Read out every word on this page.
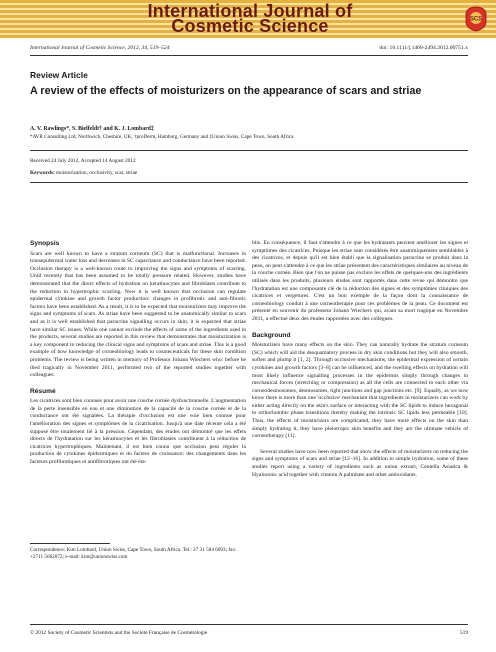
International Journal of
Cosmetic Science	SCS
International Journal of Cosmetic Science, 2012, 34, 519–524	doi: 10.1111/j.1468-2494.2012.00751.x
Review Article
A review of the effects of moisturizers on the appearance of scars and striae
A. V. Rawlings*, S. Bielfeldt† and K. J. Lombard‡
*AVR Consulting Ltd, Northwich, Cheshire, UK, †proDerm, Hamburg, Germany and ‡Union Swiss, Cape Town, South Africa
Received 24 July 2012, Accepted 14 August 2012
Keywords: moisturization, occlusivity, scar, striae
Synopsis

Scars are well known to have a stratum corneum (SC) that is malfunctional. Increases in transepidermal water loss and decreases in SC capacitance and conductance have been reported. Occlusion therapy is a well-known route to improving the signs and symptoms of scarring. Until recently that has been assumed to be totally pressure related. However, studies have demonstrated that the direct effects of hydration on keratinocytes and fibroblasts contribute to the reduction in hypertrophic scarring. Now it is well known that occlusion can regulate epidermal cytokine and growth factor production: changes in profibrotic and anti-fibrotic factors have been established. As a result, it is to be expected that moisturizers may improve the signs and symptoms of scars. As striae have been suggested to be anatomically similar to scars and as it is well established that paracrine signalling occurs in skin, it is expected that striae have similar SC issues. While one cannot exclude the effects of some of the ingredients used in the products, several studies are reported in this review that demonstrates that moisturization is a key component to reducing the clinical signs and symptoms of scars and striae. This is a good example of how knowledge of corneobiology leads to cosmeceuticals for these skin condition problems. The review is being written in memory of Professor Johann Wiechers who: before he died tragically in November 2011, performed two of the reported studies together with colleagues.

Résumé

Les cicatrices sont bien connues pour avoir une couche cornée dysfonctionnelle. L'augmentation de la perte insensible en eau et une diminution de la capacité de la couche cornée et de la conductance ont été signalées. La thérapie d'occlusion est une voie bien connue pour l'amélioration des signes et symptômes de la cicatrisation. Jusqu'à une date récente cela a été supposé être totalement lié à la pression. Cependant, des études ont démontré que les effets directs de l'hydratation sur les kératinocytes et les fibroblastes contribuent à la réduction de cicatrices hypertrophiques. Maintenant, il est bien connu que occlusion peut réguler la production de cytokines épidermiques et du facteur de croissance: des changements dans les facteurs profibrotiques et antifibrotiques ont été éta-

Correspondence: Kim Lombard, Union Swiss, Cape Town, South Africa. Tel.: 27 31 584 6093; fax: +2711 5662072; e-mail: kim@unionswiss.com

blis. En conséquence, il faut s'attendre à ce que les hydratants peuvent améliorer les signes et symptômes des cicatrices. Puisque les striae sont considérés être anatomiquement semblables à des cicatrices, et depuis qu'il est bien établi que la signalisation paracrine se produit dans la peau, on peut s'attendre à ce que les striae présentent des caractéristiques similaires au niveau de la couche cornée. Bien que l'on ne puisse pas exclure les effets de quelques-uns des ingrédients utilisés dans les produits, plusieurs études sont rapportés dans cette revue qui démontre que l'hydratation est une composante clé de la réduction des signes et des symptômes cliniques des cicatrices et vergetures. C'est un bon exemple de la façon dont la connaissance de corneobiology conduit à une corneotherapie pour ces problèmes de la peau. Ce document est présenté en souvenir du professeur Johann Wiechers qui, avant sa mort tragique en Novembre 2011, a effectué deux des études rapportées avec des collègues.

Background

Moisturizers have many effects on the skin. They can naturally hydrate the stratum corneum (SC) which will aid the desquamatory process in dry skin conditions but they will also smooth, soften and plump it [1, 2]. Through occlusive mechanisms, the epidermal expression of certain cytokines and growth factors [3–8] can be influenced, and the swelling effects on hydration will most likely influence signalling processes in the epidermis simply through changes in mechanical forces (stretching or compression) as all the cells are connected to each other via corneodesmosomes, desmosomes, tight junctions and gap junctions etc. [9]. Equally, as we now know there is more than one 'occlusive' mechanism that ingredients in moisturizers can work by either acting directly on the skin's surface or interacting with the SC lipids to induce hexagonal to orthorhombic phase transitions thereby making the intrinsic SC lipids less permeable [10]. Thus, the effects of moisturizers are complicated, they have more effects on the skin than simply hydrating it, they have pleiotropic skin benefits and they are the ultimate vehicle of corneotherapy [11].

Several studies have now been reported that show the effects of moisturizers on reducing the signs and symptoms of scars and striae [12–16]. In addition to simple hydration, some of these studies report using a variety of ingredients such as onion extract, Centella Asiatica & Hyaluronic acid together with vitamin A palmitate and other antioxidants.

© 2012 Society of Cosmetic Scientists and the Société Française de Cosmétologie	519
